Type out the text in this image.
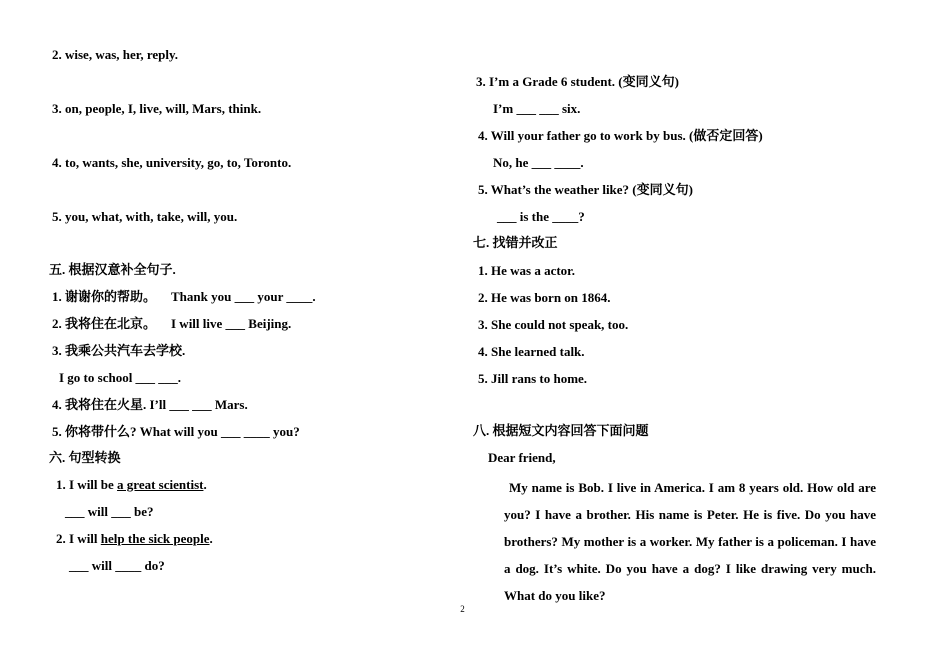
2. wise, was, her, reply.
3. on, people, I, live, will, Mars, think.
4. to, wants, she, university, go, to, Toronto.
5. you, what, with, take, will, you.
五. 根据汉意补全句子.
1. 谢谢你的帮助。 Thank you ___ your ____.
2. 我将住在北京。 I will live ___ Beijing.
3. 我乘公共汽车去学校.
I go to school ___ ___.
4. 我将住在火星. I’ll ___ ___ Mars.
5. 你将带什么? What will you ___ ____ you?
六. 句型转换
1. I will be a great scientist.
___ will ___ be?
2. I will help the sick people.
___ will ____ do?
3. I’m a Grade 6 student. (变同义句)
I’m ___ ___ six.
4. Will your father go to work by bus. (做否定回答)
No, he ___ ____.
5. What’s the weather like? (变同义句)
___ is the ____?
七. 找错并改正
1. He was a actor.
2. He was born on 1864.
3. She could not speak, too.
4. She learned talk.
5. Jill rans to home.
八. 根据短文内容回答下面问题
Dear friend,
My name is Bob. I live in America. I am 8 years old. How old are you? I have a brother. His name is Peter. He is five. Do you have brothers? My mother is a worker. My father is a policeman. I have a dog. It’s white. Do you have a dog? I like drawing very much. What do you like?
2
